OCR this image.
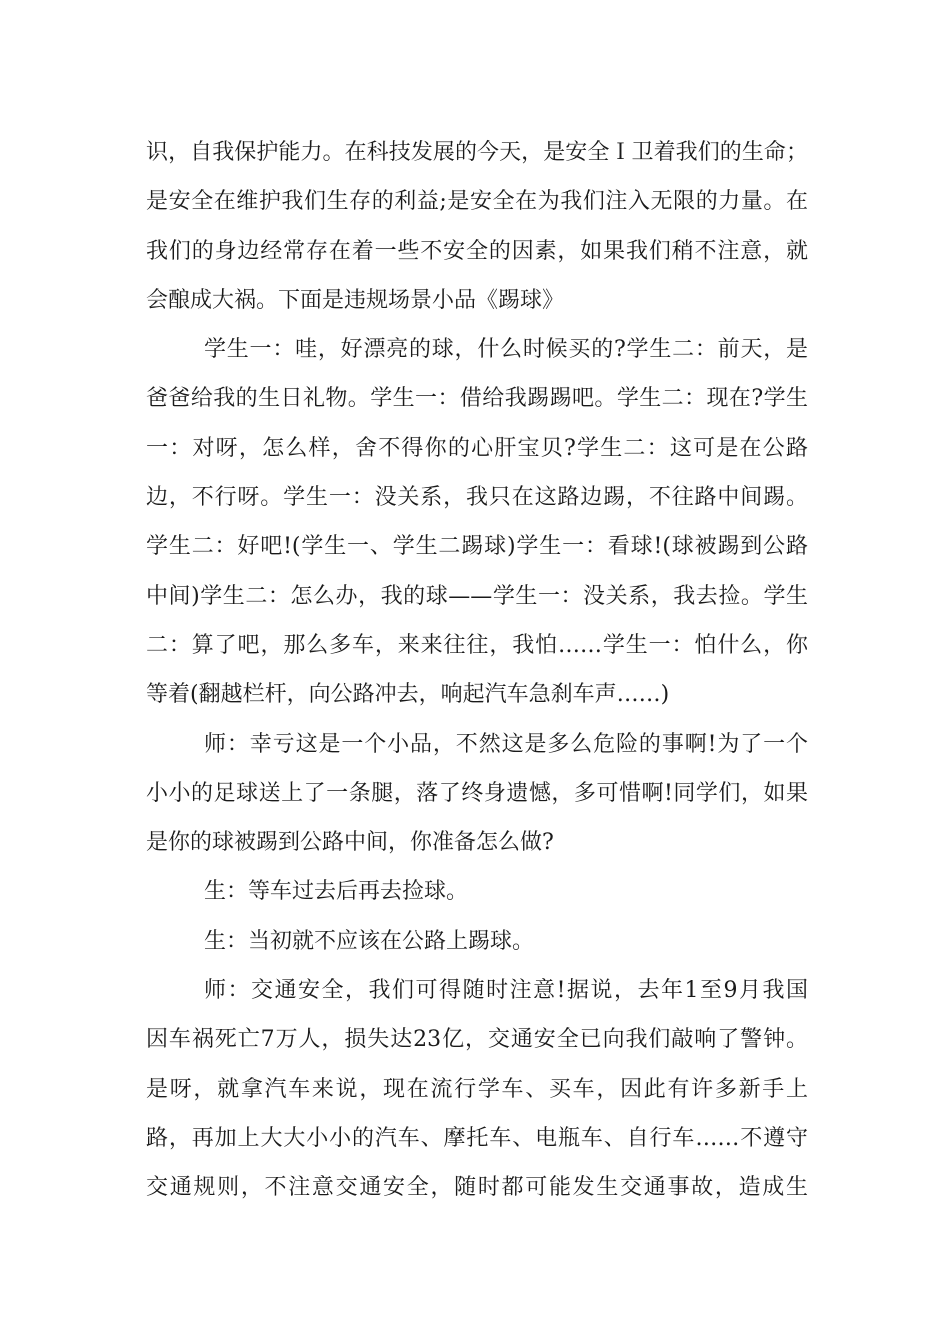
识，自我保护能力。在科技发展的今天，是安全Ｉ卫着我们的生命；
是安全在维护我们生存的利益;是安全在为我们注入无限的力量。在
我们的身边经常存在着一些不安全的因素，如果我们稍不注意，就
会酿成大祸。下面是违规场景小品《踢球》
学生一：哇，好漂亮的球，什么时候买的?学生二：前天，是
爸爸给我的生日礼物。学生一：借给我踢踢吧。学生二：现在?学生
一：对呀，怎么样，舍不得你的心肝宝贝?学生二：这可是在公路
边，不行呀。学生一：没关系，我只在这路边踢，不往路中间踢。
学生二：好吧!(学生一、学生二踢球)学生一：看球!(球被踢到公路
中间)学生二：怎么办，我的球——学生一：没关系，我去捡。学生
二：算了吧，那么多车，来来往往，我怕……学生一：怕什么，你
等着(翻越栏杆，向公路冲去，响起汽车急刹车声……)
师：幸亏这是一个小品，不然这是多么危险的事啊!为了一个
小小的足球送上了一条腿，落了终身遗憾，多可惜啊!同学们，如果
是你的球被踢到公路中间，你准备怎么做?
生：等车过去后再去捡球。
生：当初就不应该在公路上踢球。
师：交通安全，我们可得随时注意!据说，去年1至9月我国
因车祸死亡7万人，损失达23亿，交通安全已向我们敲响了警钟。
是呀，就拿汽车来说，现在流行学车、买车，因此有许多新手上
路，再加上大大小小的汽车、摩托车、电瓶车、自行车……不遵守
交通规则，不注意交通安全，随时都可能发生交通事故，造成生
